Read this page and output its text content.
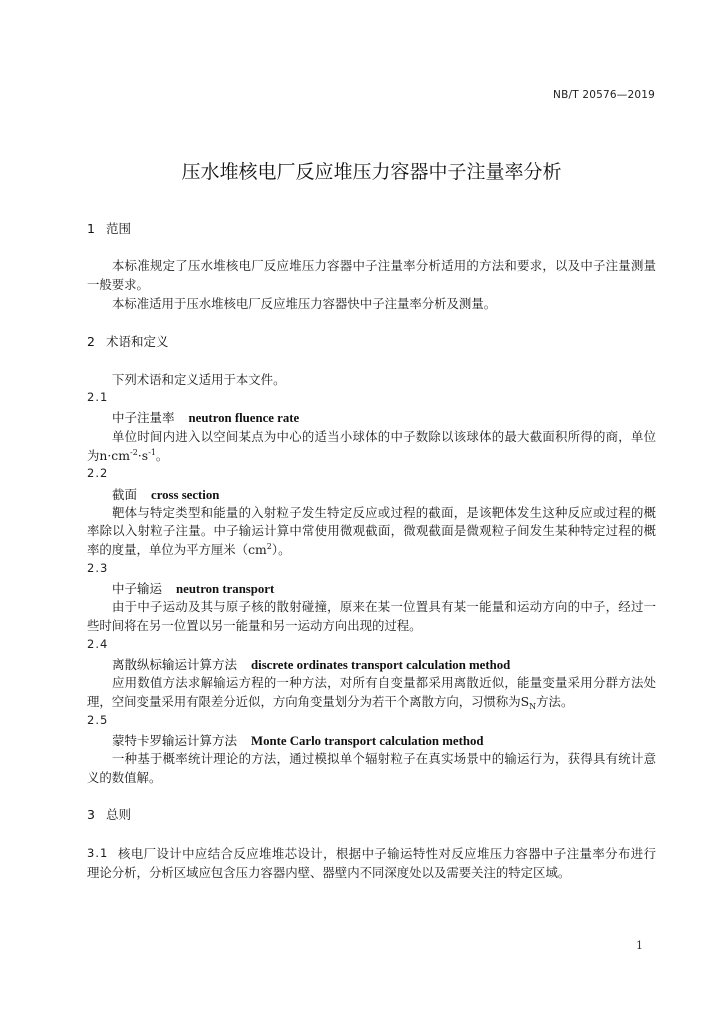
NB/T 20576—2019
压水堆核电厂反应堆压力容器中子注量率分析
1 范围
本标准规定了压水堆核电厂反应堆压力容器中子注量率分析适用的方法和要求，以及中子注量测量
一般要求。
本标准适用于压水堆核电厂反应堆压力容器快中子注量率分析及测量。
2 术语和定义
下列术语和定义适用于本文件。
2.1
中子注量率 neutron fluence rate
单位时间内进入以空间某点为中心的适当小球体的中子数除以该球体的最大截面积所得的商，单位
为$n\cdot cm^{-2}\cdot s^{-1}$。
2.2
截面 cross section
靶体与特定类型和能量的入射粒子发生特定反应或过程的截面，是该靶体发生这种反应或过程的概
率除以入射粒子注量。中子输运计算中常使用微观截面，微观截面是微观粒子间发生某种特定过程的概
率的度量，单位为平方厘米$(cm^2)$。
2.3
中子输运 neutron transport
由于中子运动及其与原子核的散射碰撞，原来在某一位置具有某一能量和运动方向的中子，经过一
些时间将在另一位置以另一能量和另一运动方向出现的过程。
2.4
离散纵标输运计算方法 discrete ordinates transport calculation method
应用数值方法求解输运方程的一种方法，对所有自变量都采用离散近似，能量变量采用分群方法处
理，空间变量采用有限差分近似，方向角变量划分为若干个离散方向，习惯称为$S_N$方法。
2.5
蒙特卡罗输运计算方法 Monte Carlo transport calculation method
一种基于概率统计理论的方法，通过模拟单个辐射粒子在真实场景中的输运行为，获得具有统计意
义的数值解。
3 总则
3.1 核电厂设计中应结合反应堆堆芯设计，根据中子输运特性对反应堆压力容器中子注量率分布进行
理论分析，分析区域应包含压力容器内壁、器壁内不同深度处以及需要关注的特定区域。
1
